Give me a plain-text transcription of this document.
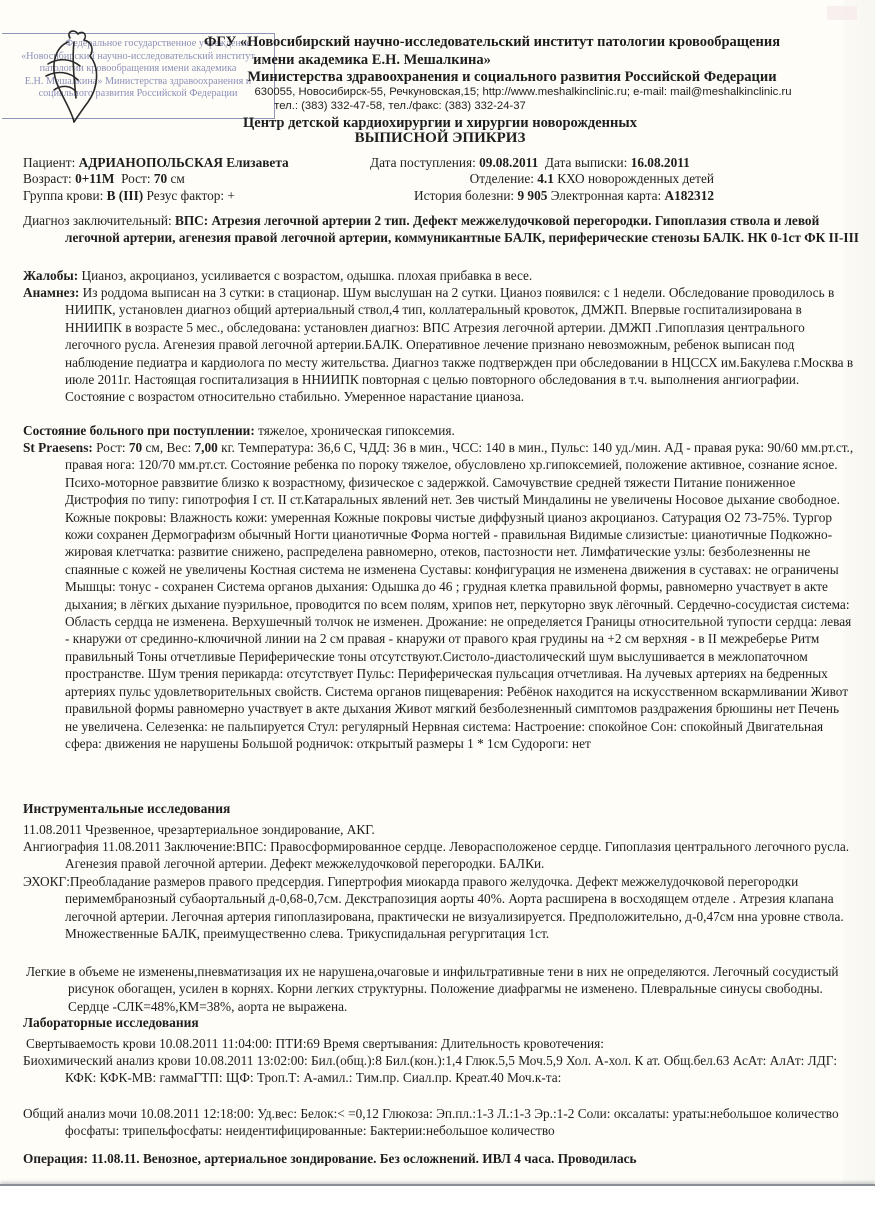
Федеральное государственное учреждение
«Новосибирский научно-исследовательский институт
патологии кровообращения имени академика
Е.Н. Мешалкина» Министерства здравоохранения и
социального развития Российской Федерации
ФГУ «Новосибирский научно-исследовательский институт патологии кровообращения
имени академика Е.Н. Мешалкина»
Министерства здравоохранения и социального развития Российской Федерации
630055, Новосибирск-55, Речкуновская,15; http://www.meshalkinclinic.ru; e-mail: mail@meshalkinclinic.ru
тел.: (383) 332-47-58, тел./факс: (383) 332-24-37
Центр детской кардиохирургии и хирургии новорожденных
ВЫПИСНОЙ ЭПИКРИЗ
Пациент: АДРИАНОПОЛЬСКАЯ Елизавета
Возраст: 0+11М Рост: 70 см
Группа крови: B (III) Резус фактор: +
Дата поступления: 09.08.2011 Дата выписки: 16.08.2011
Отделение: 4.1 КХО новорожденных детей
История болезни: 9 905 Электронная карта: A182312
Диагноз заключительный: ВПС: Атрезия легочной артерии 2 тип. Дефект межжелудочковой перегородки. Гипоплазия ствола и левой легочной артерии, агенезия правой легочной артерии, коммуникантные БАЛК, периферические стенозы БАЛК. НК 0-1ст ФК II-III
Жалобы: Цианоз, акроцианоз, усиливается с возрастом, одышка. плохая прибавка в весе.
Анамнез: Из роддома выписан на 3 сутки: в стационар. Шум выслушан на 2 сутки. Цианоз появился: с 1 недели. Обследование проводилось в НИИПК, установлен диагноз общий артериальный ствол,4 тип, коллатеральный кровоток, ДМЖП. Впервые госпитализирована в ННИИПК в возрасте 5 мес., обследована: установлен диагноз: ВПС Атрезия легочной артерии. ДМЖП .Гипоплазия центрального легочного русла. Агенезия правой легочной артерии.БАЛК. Оперативное лечение признано невозможным, ребенок выписан под наблюдение педиатра и кардиолога по месту жительства. Диагноз также подтвержден при обследовании в НЦССХ им.Бакулева г.Москва в июле 2011г. Настоящая госпитализация в ННИИПК повторная с целью повторного обследования в т.ч. выполнения ангиографии. Состояние с возрастом относительно стабильно. Умеренное нарастание цианоза.
Состояние больного при поступлении: тяжелое, хроническая гипоксемия.
St Praesens: Рост: 70 см, Вес: 7,00 кг. Температура: 36,6 С, ЧДД: 36 в мин., ЧСС: 140 в мин., Пульс: 140 уд./мин. АД - правая рука: 90/60 мм.рт.ст., правая нога: 120/70 мм.рт.ст. Состояние ребенка по пороку тяжелое, обусловлено хр.гипоксемией, положение активное, сознание ясное. Психо-моторное равзвитие близко к возрастному, физическое с задержкой. Самочувствие средней тяжести Питание пониженное Дистрофия по типу: гипотрофия I ст. II ст.Катаральных явлений нет. Зев чистый Миндалины не увеличены Носовое дыхание свободное. Кожные покровы: Влажность кожи: умеренная Кожные покровы чистые диффузный цианоз акроцианоз. Сатурация О2 73-75%. Тургор кожи сохранен Дермографизм обычный Ногти цианотичные Форма ногтей - правильная Видимые слизистые: цианотичные Подкожно-жировая клетчатка: развитие снижено, распределена равномерно, отеков, пастозности нет. Лимфатические узлы: безболезненны не спаянные с кожей не увеличены Костная система не изменена Суставы: конфигурация не изменена движения в суставах: не ограничены Мышцы: тонус - сохранен Система органов дыхания: Одышка до 46 ; грудная клетка правильной формы, равномерно участвует в акте дыхания; в лёгких дыхание пуэрильное, проводится по всем полям, хрипов нет, перкуторно звук лёгочный. Сердечно-сосудистая система: Область сердца не изменена. Верхушечный толчок не изменен. Дрожание: не определяется Границы относительной тупости сердца: левая - кнаружи от срединно-ключичной линии на 2 см правая - кнаружи от правого края грудины на +2 см верхняя - в II межреберье Ритм правильный Тоны отчетливые Периферические тоны отсутствуют.Систоло-диастолический шум выслушивается в межлопаточном пространстве. Шум трения перикарда: отсутствует Пульс: Периферическая пульсация отчетливая. На лучевых артериях на бедренных артериях пульс удовлетворительных свойств. Система органов пищеварения: Ребёнок находится на искусственном вскармливании Живот правильной формы равномерно участвует в акте дыхания Живот мягкий безболезненный симптомов раздражения брюшины нет Печень не увеличена. Селезенка: не пальпируется Стул: регулярный Нервная система: Настроение: спокойное Сон: спокойный Двигательная сфера: движения не нарушены Большой родничок: открытый размеры 1 * 1см Судороги: нет
Инструментальные исследования
11.08.2011 Чрезвенное, чрезартериальное зондирование, АКГ.
Ангиография 11.08.2011 Заключение:ВПС: Правосформированное сердце. Леворасположеное сердце. Гипоплазия центрального легочного русла. Агенезия правой легочной артерии. Дефект межжелудочковой перегородки. БАЛКи.
ЭХОКГ:Преобладание размеров правого предсердия. Гипертрофия миокарда правого желудочка. Дефект межжелудочковой перегородки перимембранозный субаортальный д-0,68-0,7см. Декстрапозиция аорты 40%. Аорта расширена в восходящем отделе . Атрезия клапана легочной артерии. Легочная артерия гипоплазирована, практически не визуализируется. Предположительно, д-0,47см нна уровне ствола. Множественные БАЛК, преимущественно слева. Трикуспидальная регургитация 1ст.
Легкие в объеме не изменены,пневматизация их не нарушена,очаговые и инфильтративные тени в них не определяются. Легочный сосудистый рисунок обогащен, усилен в корнях. Корни легких структурны. Положение диафрагмы не изменено. Плевральные синусы свободны. Сердце -СЛК=48%,КМ=38%, аорта не выражена.
Лабораторные исследования
Свертываемость крови 10.08.2011 11:04:00: ПТИ:69 Время свертывания: Длительность кровотечения:
Биохимический анализ крови 10.08.2011 13:02:00: Бил.(общ.):8 Бил.(кон.):1,4 Глюк.5,5 Моч.5,9 Хол. А-хол. К ат. Общ.бел.63 АсАт: АлАт: ЛДГ: КФК: КФК-МВ: гаммаГТП: ЩФ: Троп.Т: А-амил.: Тим.пр. Сиал.пр. Креат.40 Моч.к-та:
Общий анализ мочи 10.08.2011 12:18:00: Уд.вес: Белок:< =0,12 Глюкоза: Эп.пл.:1-3 Л.:1-3 Эр.:1-2 Соли: оксалаты: ураты:небольшое количество фосфаты: трипельфосфаты: неидентифицированные: Бактерии:небольшое количество
Операция: 11.08.11. Венозное, артериальное зондирование. Без осложнений. ИВЛ 4 часа. Проводилась
